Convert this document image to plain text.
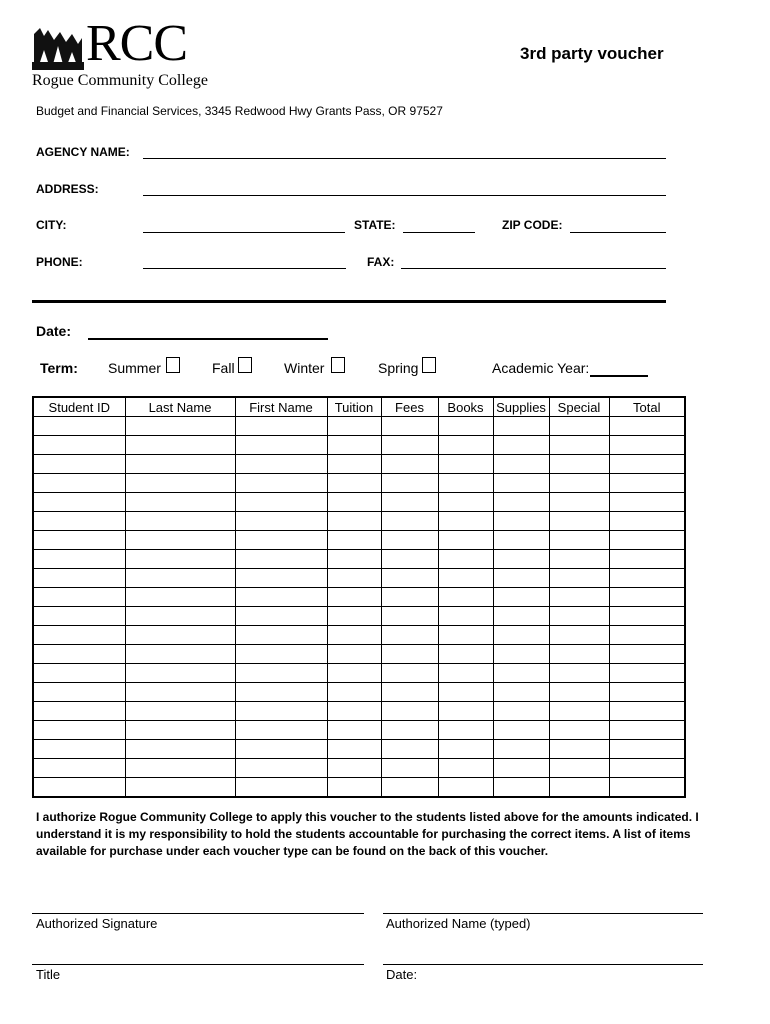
RCC
Rogue Community College
3rd party voucher
Budget and Financial Services, 3345 Redwood Hwy Grants Pass, OR 97527
AGENCY NAME:
ADDRESS:
CITY:	STATE:	ZIP CODE:
PHONE:	FAX:
Date:
Term: Summer	Fall	Winter	Spring	Academic Year:
Student ID	Last Name	First Name	Tuition	Fees	Books	Supplies	Special	Total

I authorize Rogue Community College to apply this voucher to the students listed above for the amounts indicated. I understand it is my responsibility to hold the students accountable for purchasing the correct items. A list of items available for purchase under each voucher type can be found on the back of this voucher.
Authorized Signature	Authorized Name (typed)
Title	Date:
